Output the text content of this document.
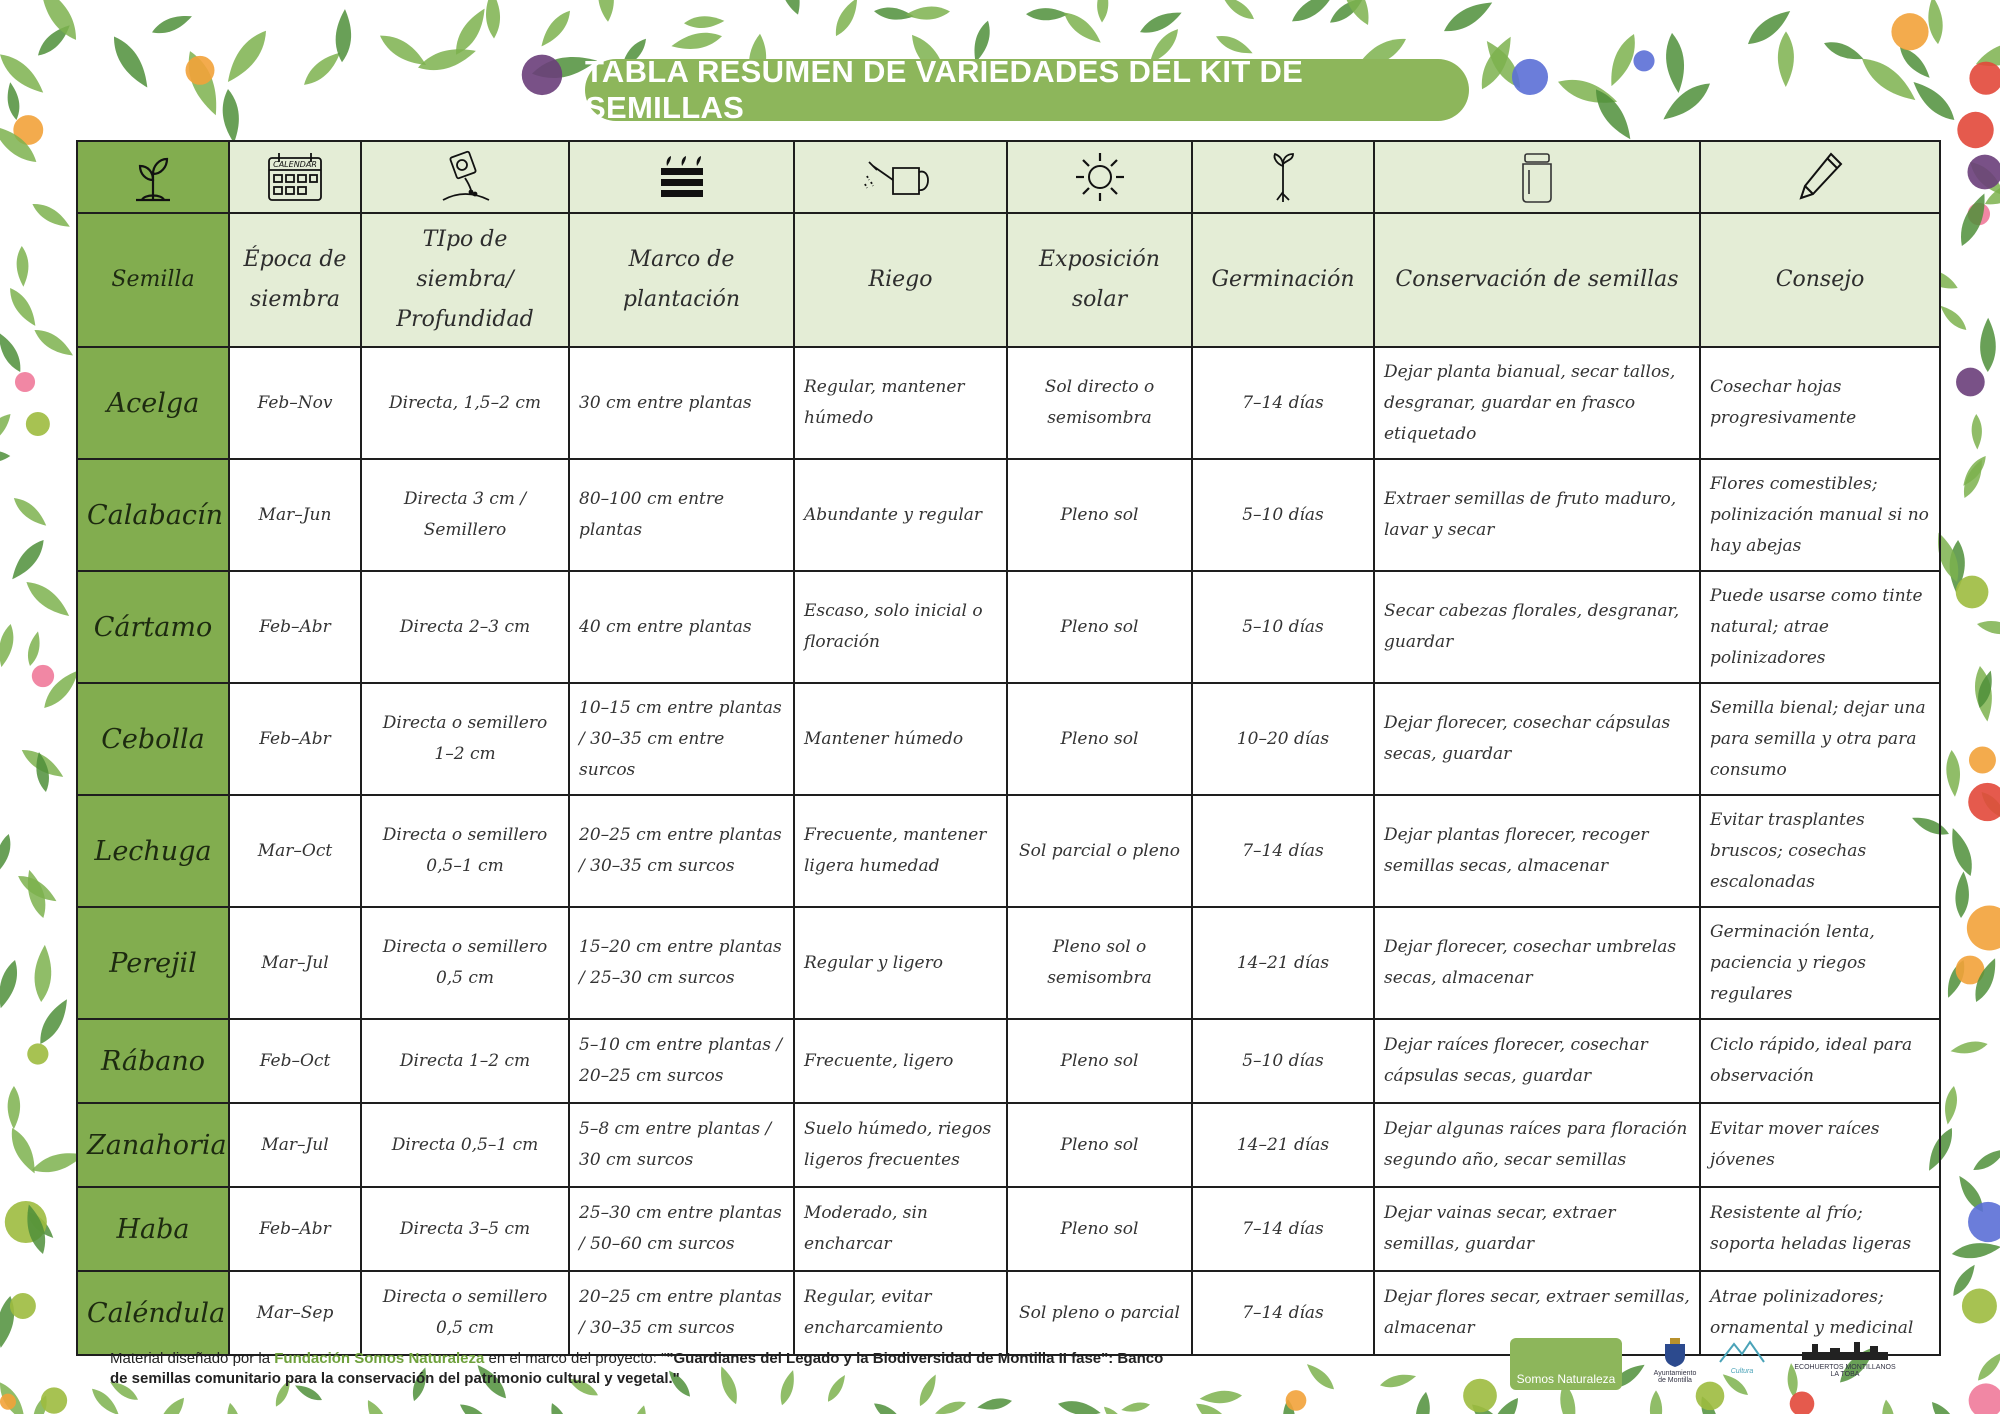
TABLA RESUMEN DE VARIEDADES DEL KIT DE SEMILLAS

CALENDAR

Semilla	Época de siembra	TIpo de siembra/ Profundidad	Marco de plantación	Riego	Exposición solar	Germinación	Conservación de semillas	Consejo
Acelga	Feb–Nov	Directa, 1,5–2 cm	30 cm entre plantas	Regular, mantener húmedo	Sol directo o semisombra	7–14 días	Dejar planta bianual, secar tallos, desgranar, guardar en frasco etiquetado	Cosechar hojas progresivamente
Calabacín	Mar–Jun	Directa 3 cm / Semillero	80–100 cm entre plantas	Abundante y regular	Pleno sol	5–10 días	Extraer semillas de fruto maduro, lavar y secar	Flores comestibles; polinización manual si no hay abejas
Cártamo	Feb–Abr	Directa 2–3 cm	40 cm entre plantas	Escaso, solo inicial o floración	Pleno sol	5–10 días	Secar cabezas florales, desgranar, guardar	Puede usarse como tinte natural; atrae polinizadores
Cebolla	Feb–Abr	Directa o semillero 1–2 cm	10–15 cm entre plantas / 30–35 cm entre surcos	Mantener húmedo	Pleno sol	10–20 días	Dejar florecer, cosechar cápsulas secas, guardar	Semilla bienal; dejar una para semilla y otra para consumo
Lechuga	Mar–Oct	Directa o semillero 0,5–1 cm	20–25 cm entre plantas / 30–35 cm surcos	Frecuente, mantener ligera humedad	Sol parcial o pleno	7–14 días	Dejar plantas florecer, recoger semillas secas, almacenar	Evitar trasplantes bruscos; cosechas escalonadas
Perejil	Mar–Jul	Directa o semillero 0,5 cm	15–20 cm entre plantas / 25–30 cm surcos	Regular y ligero	Pleno sol o semisombra	14–21 días	Dejar florecer, cosechar umbrelas secas, almacenar	Germinación lenta, paciencia y riegos regulares
Rábano	Feb–Oct	Directa 1–2 cm	5–10 cm entre plantas / 20–25 cm surcos	Frecuente, ligero	Pleno sol	5–10 días	Dejar raíces florecer, cosechar cápsulas secas, guardar	Ciclo rápido, ideal para observación
Zanahoria	Mar–Jul	Directa 0,5–1 cm	5–8 cm entre plantas / 30 cm surcos	Suelo húmedo, riegos ligeros frecuentes	Pleno sol	14–21 días	Dejar algunas raíces para floración segundo año, secar semillas	Evitar mover raíces jóvenes
Haba	Feb–Abr	Directa 3–5 cm	25–30 cm entre plantas / 50–60 cm surcos	Moderado, sin encharcar	Pleno sol	7–14 días	Dejar vainas secar, extraer semillas, guardar	Resistente al frío; soporta heladas ligeras
Caléndula	Mar–Sep	Directa o semillero 0,5 cm	20–25 cm entre plantas / 30–35 cm surcos	Regular, evitar encharcamiento	Sol pleno o parcial	7–14 días	Dejar flores secar, extraer semillas, almacenar	Atrae polinizadores; ornamental y medicinal
Material diseñado por la Fundación Somos Naturaleza en el marco del proyecto: ""Guardianes del Legado y la Biodiversidad de Montilla II fase": Banco de semillas comunitario para la conservación del patrimonio cultural y vegetal."	Somos Naturaleza	Ayuntamiento de Montilla
Cultura
ECOHUERTOS MONTILLANOS LA TOBA
